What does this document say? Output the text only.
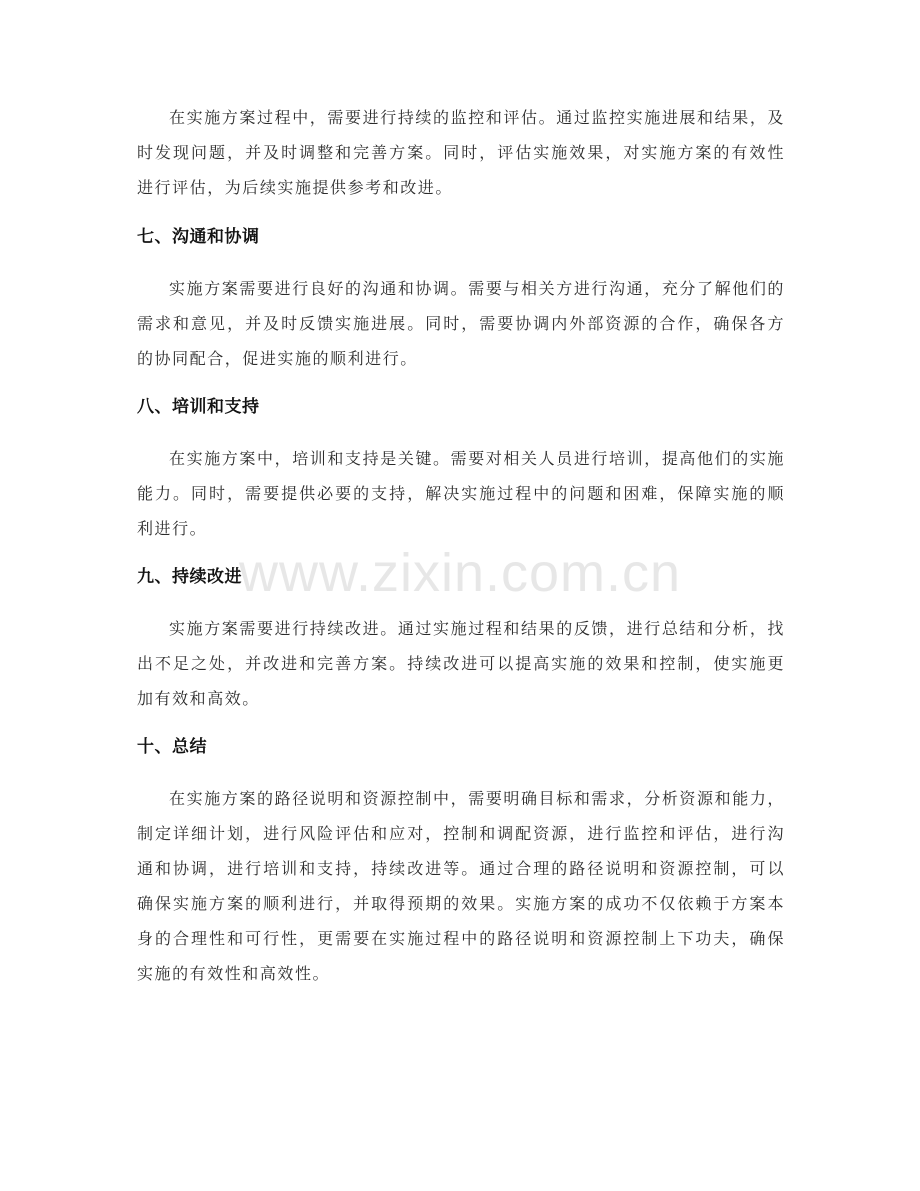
在实施方案过程中，需要进行持续的监控和评估。通过监控实施进展和结果，及时发现问题，并及时调整和完善方案。同时，评估实施效果，对实施方案的有效性进行评估，为后续实施提供参考和改进。

七、沟通和协调

实施方案需要进行良好的沟通和协调。需要与相关方进行沟通，充分了解他们的需求和意见，并及时反馈实施进展。同时，需要协调内外部资源的合作，确保各方的协同配合，促进实施的顺利进行。

八、培训和支持

在实施方案中，培训和支持是关键。需要对相关人员进行培训，提高他们的实施能力。同时，需要提供必要的支持，解决实施过程中的问题和困难，保障实施的顺利进行。

九、持续改进

实施方案需要进行持续改进。通过实施过程和结果的反馈，进行总结和分析，找出不足之处，并改进和完善方案。持续改进可以提高实施的效果和控制，使实施更加有效和高效。

十、总结

在实施方案的路径说明和资源控制中，需要明确目标和需求，分析资源和能力，制定详细计划，进行风险评估和应对，控制和调配资源，进行监控和评估，进行沟通和协调，进行培训和支持，持续改进等。通过合理的路径说明和资源控制，可以确保实施方案的顺利进行，并取得预期的效果。实施方案的成功不仅依赖于方案本身的合理性和可行性，更需要在实施过程中的路径说明和资源控制上下功夫，确保实施的有效性和高效性。

www.zixin.com.cn
